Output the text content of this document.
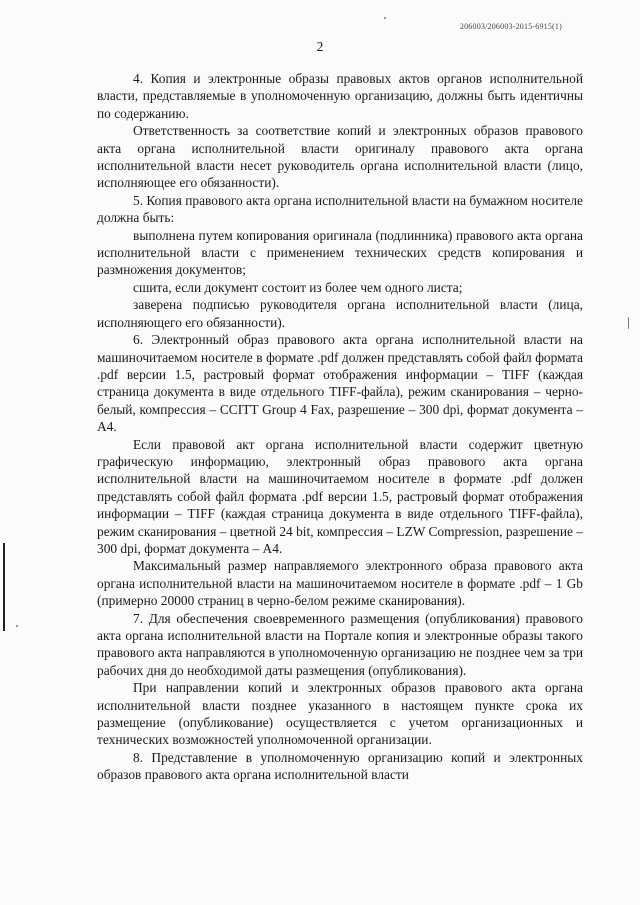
206003/206003-2015-6915(1)
2

4. Копия и электронные образы правовых актов органов исполнительной власти, представляемые в уполномоченную организацию, должны быть идентичны по содержанию.

Ответственность за соответствие копий и электронных образов правового акта органа исполнительной власти оригиналу правового акта органа исполнительной власти несет руководитель органа исполнительной власти (лицо, исполняющее его обязанности).

5. Копия правового акта органа исполнительной власти на бумажном носителе должна быть:

выполнена путем копирования оригинала (подлинника) правового акта органа исполнительной власти с применением технических средств копирования и размножения документов;

сшита, если документ состоит из более чем одного листа;

заверена подписью руководителя органа исполнительной власти (лица, исполняющего его обязанности).

6. Электронный образ правового акта органа исполнительной власти на машиночитаемом носителе в формате .pdf должен представлять собой файл формата .pdf версии 1.5, растровый формат отображения информации – TIFF (каждая страница документа в виде отдельного TIFF-файла), режим сканирования – черно-белый, компрессия – CCITT Group 4 Fax, разрешение – 300 dpi, формат документа – А4.

Если правовой акт органа исполнительной власти содержит цветную графическую информацию, электронный образ правового акта органа исполнительной власти на машиночитаемом носителе в формате .pdf должен представлять собой файл формата .pdf версии 1.5, растровый формат отображения информации – TIFF (каждая страница документа в виде отдельного TIFF-файла), режим сканирования – цветной 24 bit, компрессия – LZW Compression, разрешение – 300 dpi, формат документа – А4.

Максимальный размер направляемого электронного образа правового акта органа исполнительной власти на машиночитаемом носителе в формате .pdf – 1 Gb (примерно 20000 страниц в черно-белом режиме сканирования).

7. Для обеспечения своевременного размещения (опубликования) правового акта органа исполнительной власти на Портале копия и электронные образы такого правового акта направляются в уполномоченную организацию не позднее чем за три рабочих дня до необходимой даты размещения (опубликования).

При направлении копий и электронных образов правового акта органа исполнительной власти позднее указанного в настоящем пункте срока их размещение (опубликование) осуществляется с учетом организационных и технических возможностей уполномоченной организации.

8. Представление в уполномоченную организацию копий и электронных образов правового акта органа исполнительной власти
